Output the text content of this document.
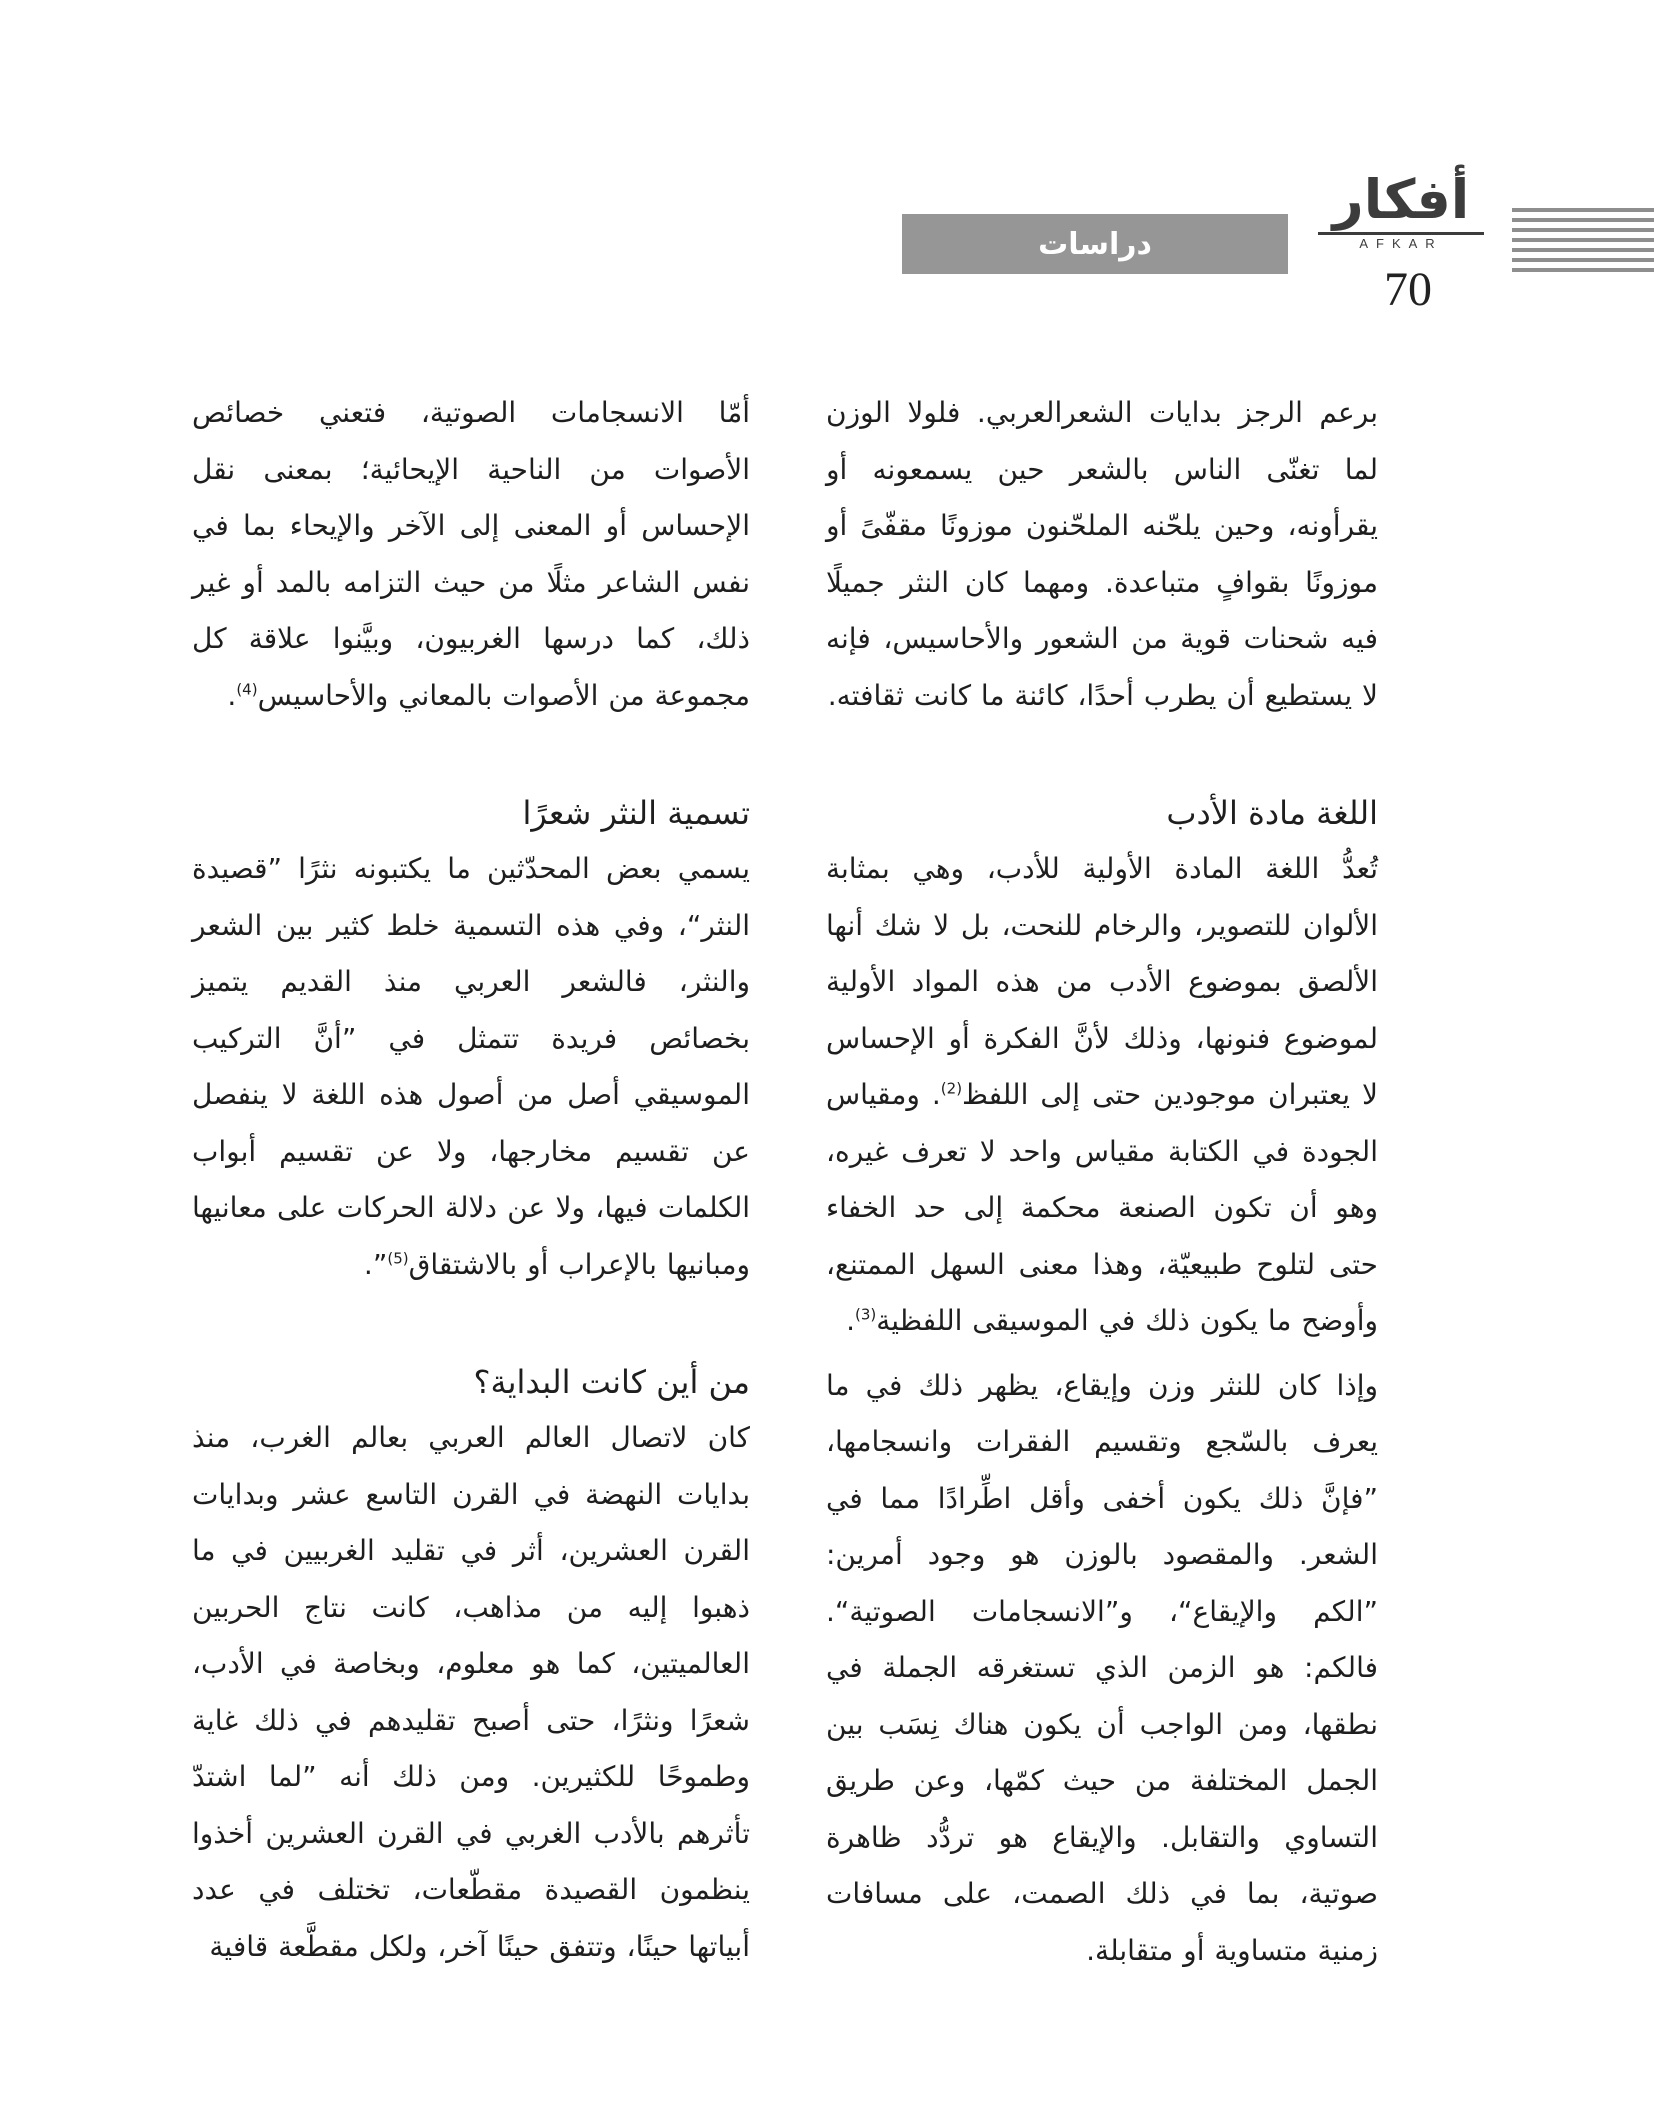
أفكار
AFKAR
دراسات
70

برعم الرجز بدايات الشعرالعربي. فلولا الوزن لما تغنّى الناس بالشعر حين يسمعونه أو يقرأونه، وحين يلحّنه الملحّنون موزونًا مقفّىً أو موزونًا بقوافٍ متباعدة. ومهما كان النثر جميلًا فيه شحنات قوية من الشعور والأحاسيس، فإنه لا يستطيع أن يطرب أحدًا، كائنة ما كانت ثقافته.

اللغة مادة الأدب

تُعدُّ اللغة المادة الأولية للأدب، وهي بمثابة الألوان للتصوير، والرخام للنحت، بل لا شك أنها الألصق بموضوع الأدب من هذه المواد الأولية لموضوع فنونها، وذلك لأنَّ الفكرة أو الإحساس لا يعتبران موجودين حتى إلى اللفظ$^{(2)}$. ومقياس الجودة في الكتابة مقياس واحد لا تعرف غيره، وهو أن تكون الصنعة محكمة إلى حد الخفاء حتى لتلوح طبيعيّة، وهذا معنى السهل الممتنع، وأوضح ما يكون ذلك في الموسيقى اللفظية$^{(3)}$.

وإذا كان للنثر وزن وإيقاع، يظهر ذلك في ما يعرف بالسّجع وتقسيم الفقرات وانسجامها، ”فإنَّ ذلك يكون أخفى وأقل اطِّرادًا مما في الشعر. والمقصود بالوزن هو وجود أمرين: ”الكم والإيقاع“، و”الانسجامات الصوتية“. فالكم: هو الزمن الذي تستغرقه الجملة في نطقها، ومن الواجب أن يكون هناك نِسَب بين الجمل المختلفة من حيث كمّها، وعن طريق التساوي والتقابل. والإيقاع هو تردُّد ظاهرة صوتية، بما في ذلك الصمت، على مسافات زمنية متساوية أو متقابلة.

أمّا الانسجامات الصوتية، فتعني خصائص الأصوات من الناحية الإيحائية؛ بمعنى نقل الإحساس أو المعنى إلى الآخر والإيحاء بما في نفس الشاعر مثلًا من حيث التزامه بالمد أو غير ذلك، كما درسها الغربيون، وبيَّنوا علاقة كل مجموعة من الأصوات بالمعاني والأحاسيس$^{(4)}$.

تسمية النثر شعرًا

يسمي بعض المحدّثين ما يكتبونه نثرًا ”قصيدة النثر“، وفي هذه التسمية خلط كثير بين الشعر والنثر، فالشعر العربي منذ القديم يتميز بخصائص فريدة تتمثل في ”أنَّ التركيب الموسيقي أصل من أصول هذه اللغة لا ينفصل عن تقسيم مخارجها، ولا عن تقسيم أبواب الكلمات فيها، ولا عن دلالة الحركات على معانيها ومبانيها بالإعراب أو بالاشتقاق$^{(5)}$”.

من أين كانت البداية؟

كان لاتصال العالم العربي بعالم الغرب، منذ بدايات النهضة في القرن التاسع عشر وبدايات القرن العشرين، أثر في تقليد الغربيين في ما ذهبوا إليه من مذاهب، كانت نتاج الحربين العالميتين، كما هو معلوم، وبخاصة في الأدب، شعرًا ونثرًا، حتى أصبح تقليدهم في ذلك غاية وطموحًا للكثيرين. ومن ذلك أنه ”لما اشتدّ تأثرهم بالأدب الغربي في القرن العشرين أخذوا ينظمون القصيدة مقطّعات، تختلف في عدد أبياتها حينًا، وتتفق حينًا آخر، ولكل مقطَّعة قافية
